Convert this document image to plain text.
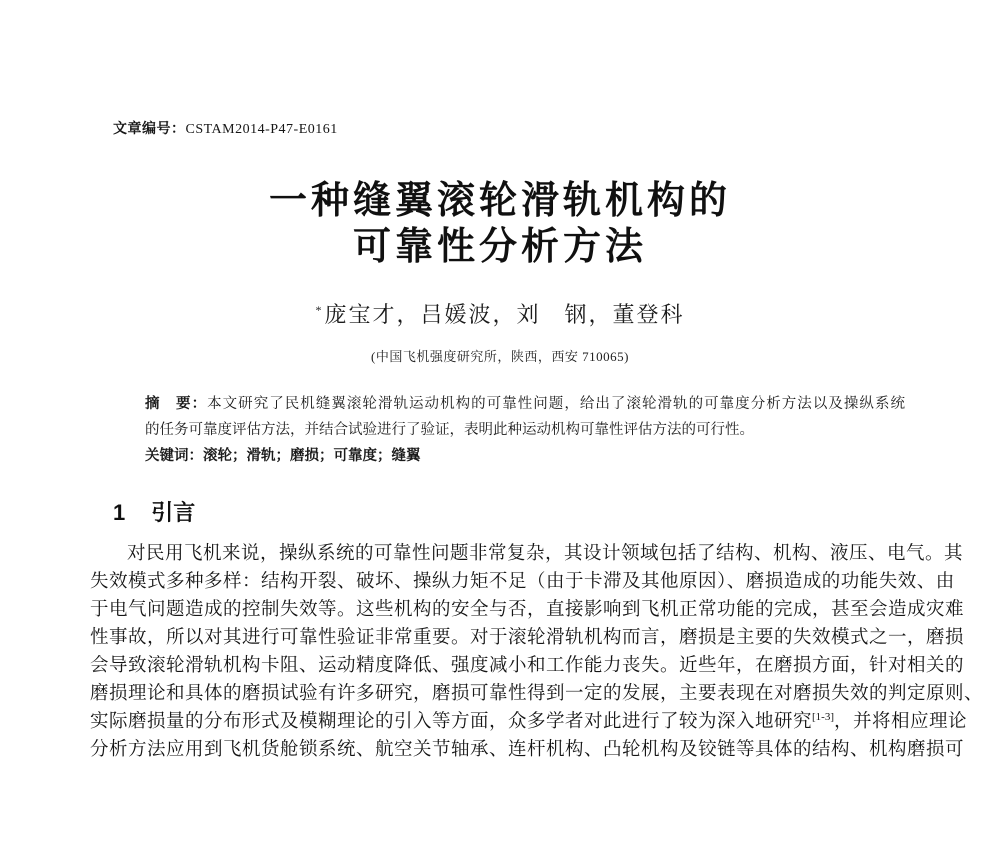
文章编号：CSTAM2014-P47-E0161
一种缝翼滚轮滑轨机构的
可靠性分析方法
*庞宝才，吕媛波，刘　钢，董登科
(中国飞机强度研究所，陕西，西安 710065)
摘　要：本文研究了民机缝翼滚轮滑轨运动机构的可靠性问题，给出了滚轮滑轨的可靠度分析方法以及操纵系统
的任务可靠度评估方法，并结合试验进行了验证，表明此种运动机构可靠性评估方法的可行性。
关键词：滚轮；滑轨；磨损；可靠度；缝翼
1 引言
对民用飞机来说，操纵系统的可靠性问题非常复杂，其设计领域包括了结构、机构、液压、电气。其
失效模式多种多样：结构开裂、破坏、操纵力矩不足（由于卡滞及其他原因）、磨损造成的功能失效、由
于电气问题造成的控制失效等。这些机构的安全与否，直接影响到飞机正常功能的完成，甚至会造成灾难
性事故，所以对其进行可靠性验证非常重要。对于滚轮滑轨机构而言，磨损是主要的失效模式之一，磨损
会导致滚轮滑轨机构卡阻、运动精度降低、强度减小和工作能力丧失。近些年，在磨损方面，针对相关的
磨损理论和具体的磨损试验有许多研究，磨损可靠性得到一定的发展，主要表现在对磨损失效的判定原则、
实际磨损量的分布形式及模糊理论的引入等方面，众多学者对此进行了较为深入地研究[1-3]，并将相应理论
分析方法应用到飞机货舱锁系统、航空关节轴承、连杆机构、凸轮机构及铰链等具体的结构、机构磨损可
